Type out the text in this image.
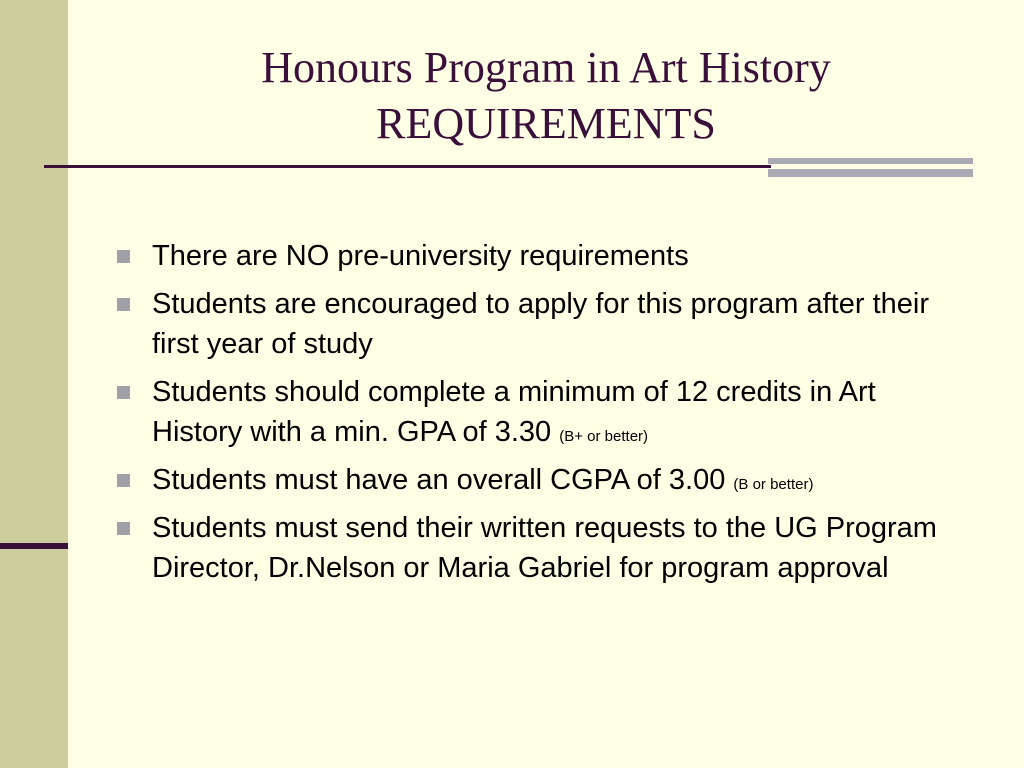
Honours Program in Art History
REQUIREMENTS
There are NO pre-university requirements
Students are encouraged to apply for this program after their first year of study
Students should complete a minimum of 12 credits in Art History with a min. GPA of 3.30 (B+ or better)
Students must have an overall CGPA of 3.00 (B or better)
Students must send their written requests to the UG Program Director, Dr.Nelson or Maria Gabriel for program approval
